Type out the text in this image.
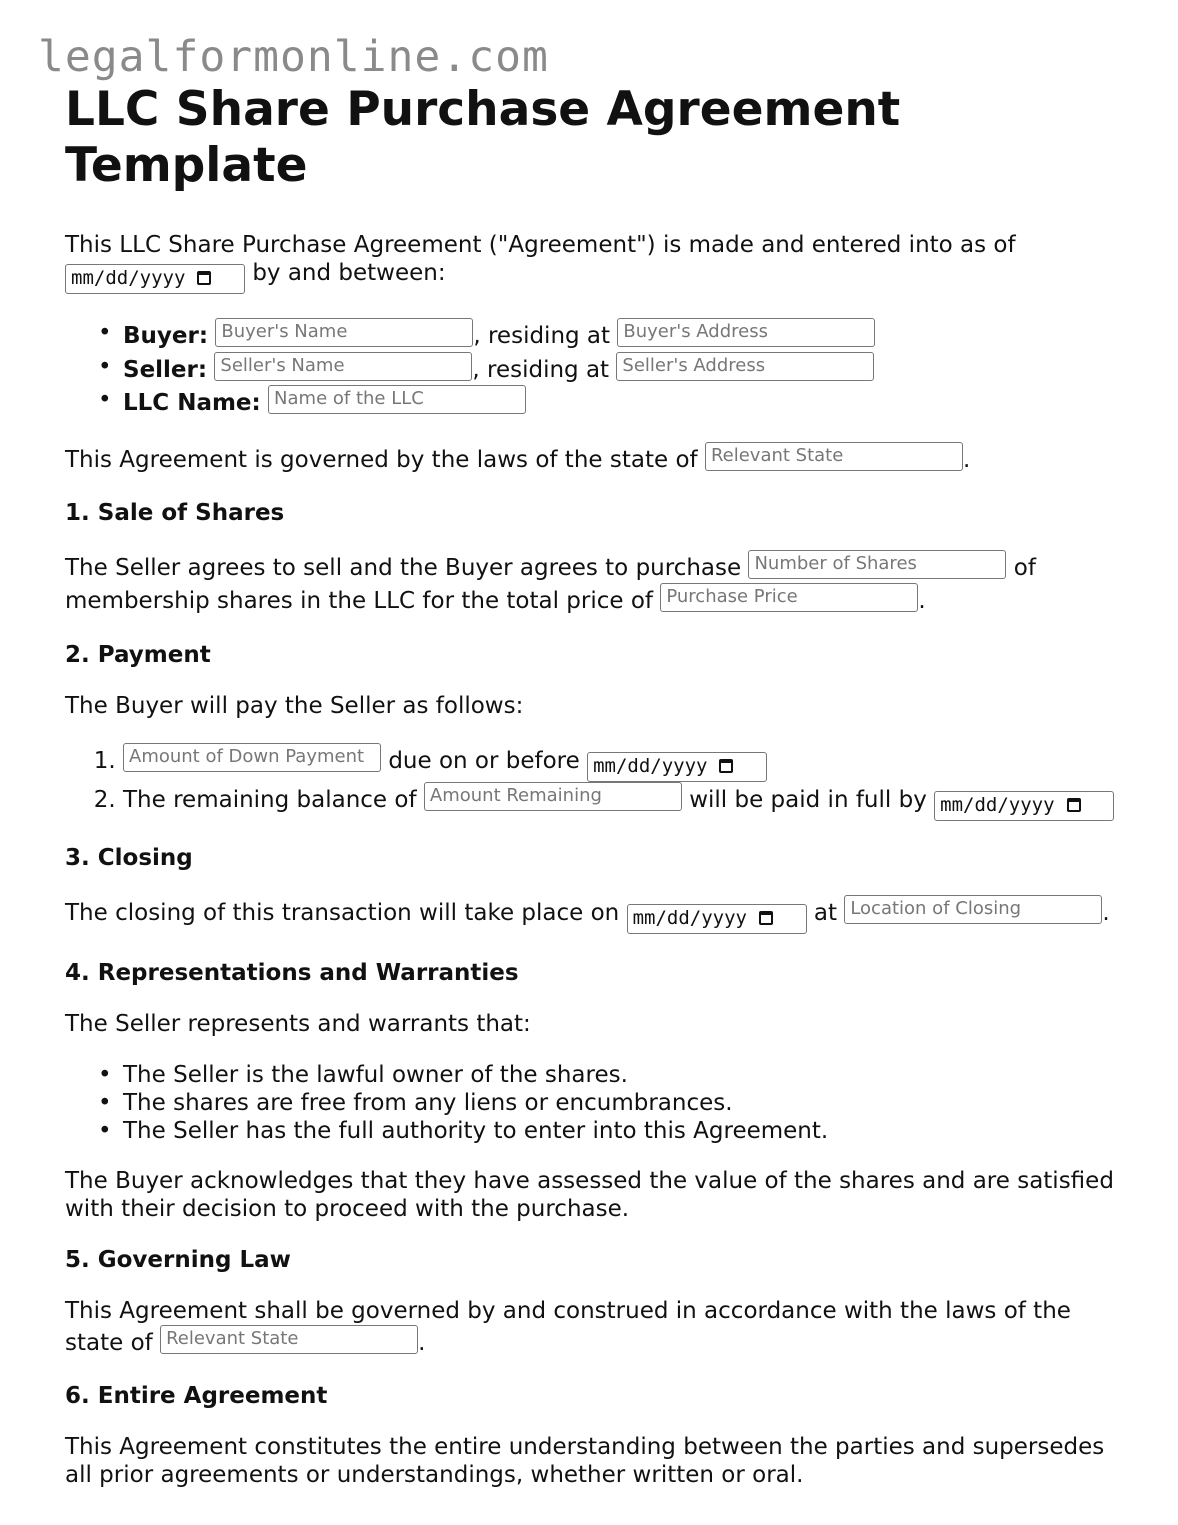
legalformonline.com
LLC Share Purchase Agreement Template

This LLC Share Purchase Agreement ("Agreement") is made and entered into as of
mm/dd/yyyy	by and between:

• Buyer: Buyer's Name	, residing at Buyer's Address
• Seller: Seller's Name	, residing at Seller's Address
• LLC Name: Name of the LLC

This Agreement is governed by the laws of the state of Relevant State	.

1. Sale of Shares

The Seller agrees to sell and the Buyer agrees to purchase Number of Shares	of membership shares in the LLC for the total price of Purchase Price	.

2. Payment

The Buyer will pay the Seller as follows:

1. Amount of Down Payment due on or before mm/dd/yyyy
2. The remaining balance of Amount Remaining	will be paid in full by mm/dd/yyyy
3. Closing

The closing of this transaction will take place on mm/dd/yyyy	at Location of Closing	.

4. Representations and Warranties

The Seller represents and warrants that:

• The Seller is the lawful owner of the shares.
• The shares are free from any liens or encumbrances.
• The Seller has the full authority to enter into this Agreement.

The Buyer acknowledges that they have assessed the value of the shares and are satisfied with their decision to proceed with the purchase.

5. Governing Law

This Agreement shall be governed by and construed in accordance with the laws of the state of Relevant State	.

6. Entire Agreement

This Agreement constitutes the entire understanding between the parties and supersedes all prior agreements or understandings, whether written or oral.
